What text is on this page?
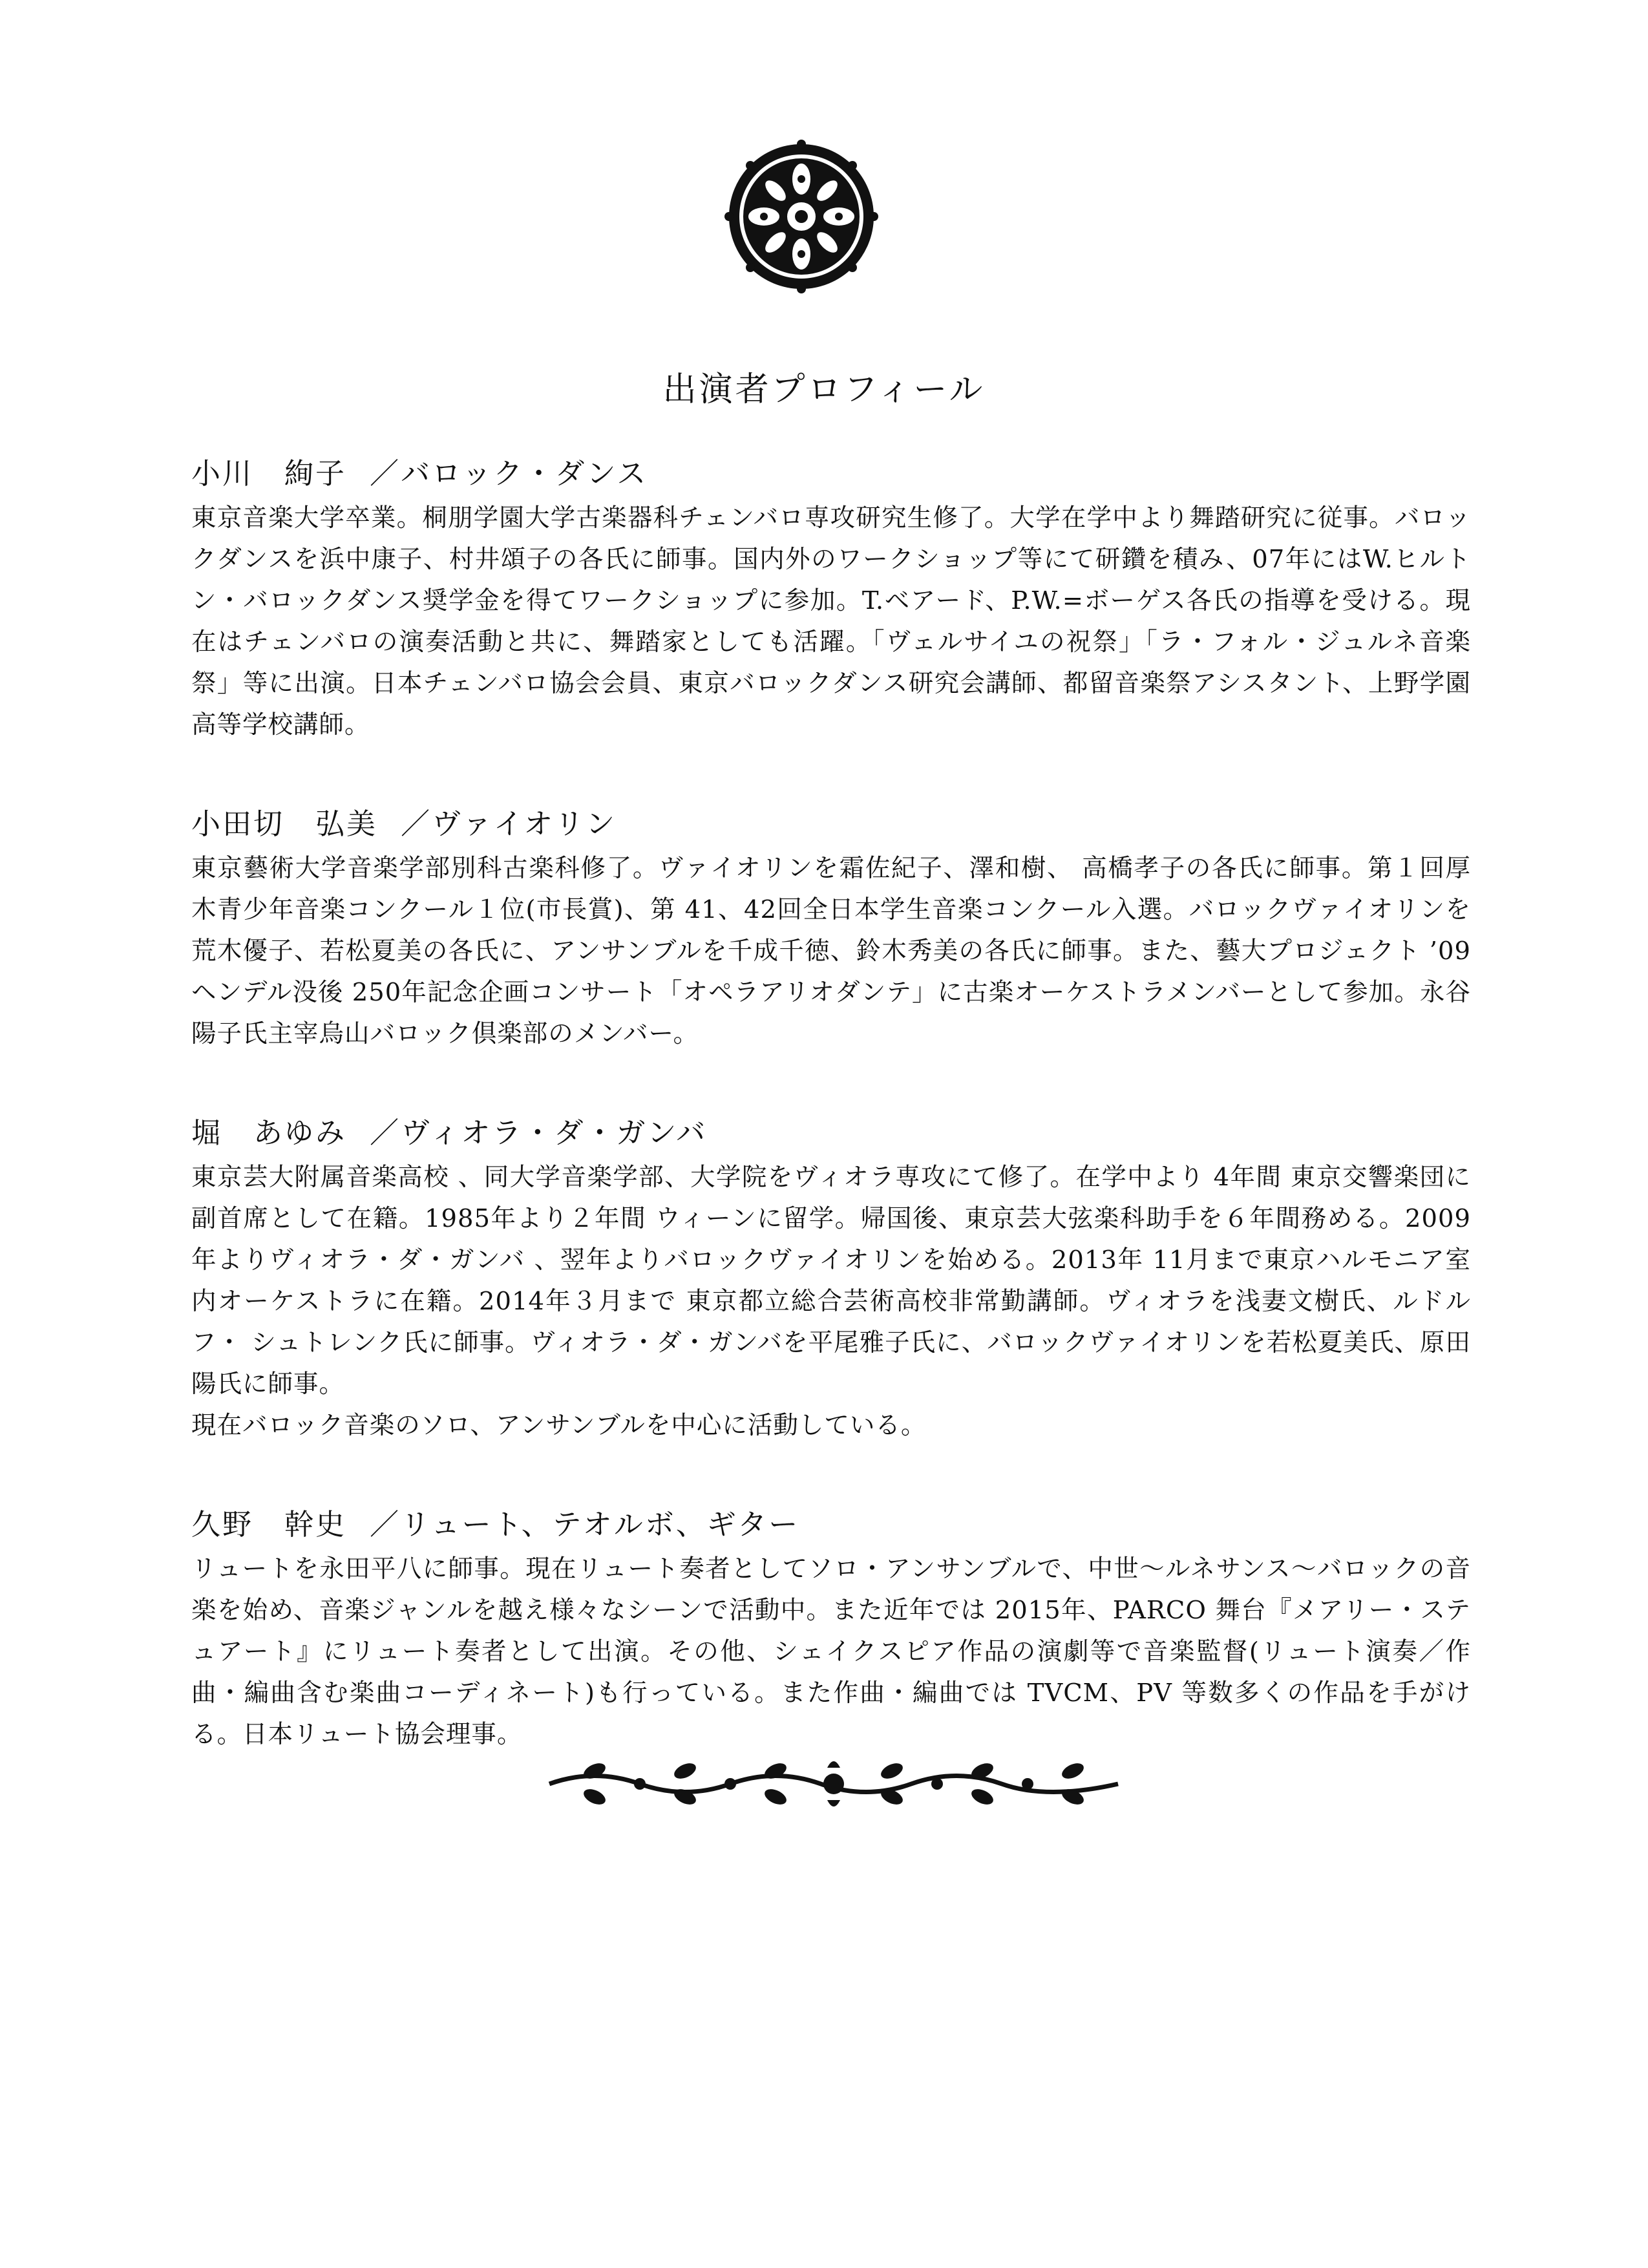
出演者プロフィール
小川　絢子 ／バロック・ダンス

東京音楽大学卒業。桐朋学園大学古楽器科チェンバロ専攻研究生修了。大学在学中より舞踏研究に従事。バロックダンスを浜中康子、村井頌子の各氏に師事。国内外のワークショップ等にて研鑽を積み、07年にはW.ヒルトン・バロックダンス奨学金を得てワークショップに参加。T.ベアード、P.W.=ボーゲス各氏の指導を受ける。現在はチェンバロの演奏活動と共に、舞踏家としても活躍。「ヴェルサイユの祝祭」「ラ・フォル・ジュルネ音楽祭」等に出演。日本チェンバロ協会会員、東京バロックダンス研究会講師、都留音楽祭アシスタント、上野学園高等学校講師。

小田切　弘美 ／ヴァイオリン

東京藝術大学音楽学部別科古楽科修了。ヴァイオリンを霜佐紀子、澤和樹、 高橋孝子の各氏に師事。第１回厚木青少年音楽コンクール１位(市長賞)、第 41、42回全日本学生音楽コンクール入選。バロックヴァイオリンを荒木優子、若松夏美の各氏に、アンサンブルを千成千徳、鈴木秀美の各氏に師事。また、藝大プロジェクト ’09ヘンデル没後 250年記念企画コンサート「オペラアリオダンテ」に古楽オーケストラメンバーとして参加。永谷陽子氏主宰烏山バロック倶楽部のメンバー。

堀　あゆみ ／ヴィオラ・ダ・ガンバ

東京芸大附属音楽高校 、同大学音楽学部、大学院をヴィオラ専攻にて修了。在学中より 4年間 東京交響楽団に副首席として在籍。1985年より２年間 ウィーンに留学。帰国後、東京芸大弦楽科助手を６年間務める。2009年よりヴィオラ・ダ・ガンバ 、翌年よりバロックヴァイオリンを始める。2013年 11月まで東京ハルモニア室内オーケストラに在籍。2014年３月まで 東京都立総合芸術高校非常勤講師。ヴィオラを浅妻文樹氏、ルドルフ・ シュトレンク氏に師事。ヴィオラ・ダ・ガンバを平尾雅子氏に、バロックヴァイオリンを若松夏美氏、原田陽氏に師事。
現在バロック音楽のソロ、アンサンブルを中心に活動している。

久野　幹史 ／リュート、テオルボ、ギター

リュートを永田平八に師事。現在リュート奏者としてソロ・アンサンブルで、中世～ルネサンス～バロックの音楽を始め、音楽ジャンルを越え様々なシーンで活動中。また近年では 2015年、PARCO 舞台『メアリー・ステュアート』にリュート奏者として出演。その他、シェイクスピア作品の演劇等で音楽監督(リュート演奏／作曲・編曲含む楽曲コーディネート)も行っている。また作曲・編曲では TVCM、PV 等数多くの作品を手がける。日本リュート協会理事。
